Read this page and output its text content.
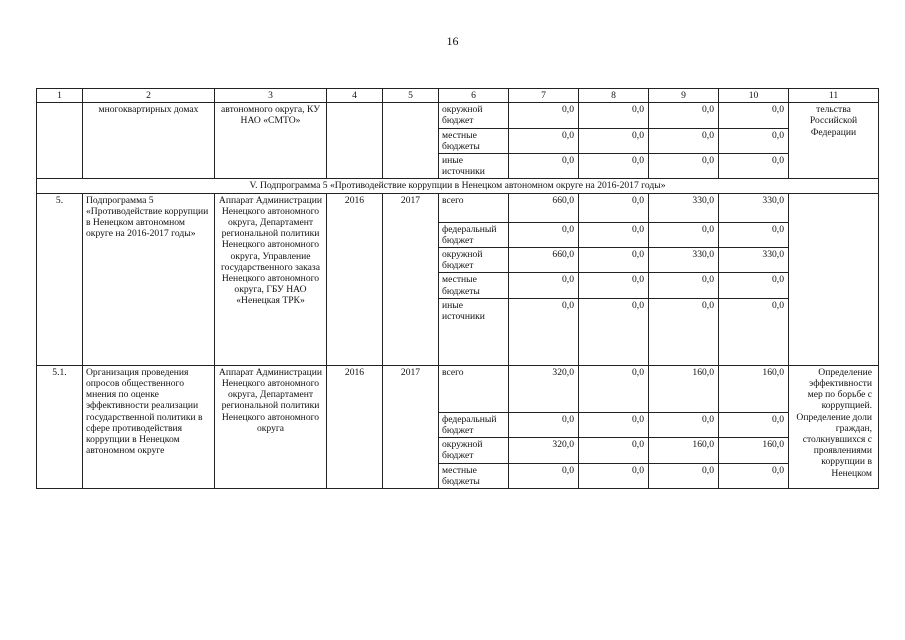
16
1	2	3	4	5	6	7	8	9	10	11
	многоквартирных домах	автономного округа, КУ НАО «СМТО»			окружной бюджет	0,0	0,0	0,0	0,0	тельства Российской Федерации
					местные бюджеты	0,0	0,0	0,0	0,0	
					иные источники	0,0	0,0	0,0	0,0	
V. Подпрограмма 5 «Противодействие коррупции в Ненецком автономном округе на 2016-2017 годы»										
5.	Подпрограмма 5 «Противодействие коррупции в Ненецком автономном округе на 2016-2017 годы»	Аппарат Администрации Ненецкого автономного округа, Департамент региональной политики Ненецкого автономного округа, Управление государственного заказа Ненецкого автономного округа, ГБУ НАО «Ненецкая ТРК»	2016	2017	всего	660,0	0,0	330,0	330,0	
					федеральный бюджет	0,0	0,0	0,0	0,0	
					окружной бюджет	660,0	0,0	330,0	330,0	
					местные бюджеты	0,0	0,0	0,0	0,0	
					иные источники	0,0	0,0	0,0	0,0	
5.1.	Организация проведения опросов общественного мнения по оценке эффективности реализации государственной политики в сфере противодействия коррупции в Ненецком автономном округе	Аппарат Администрации Ненецкого автономного округа, Департамент региональной политики Ненецкого автономного округа	2016	2017	всего	320,0	0,0	160,0	160,0	Определение эффективности мер по борьбе с коррупцией. Определение доли граждан, столкнувшихся с проявлениями коррупции в Ненецком
					федеральный бюджет	0,0	0,0	0,0	0,0	
					окружной бюджет	320,0	0,0	160,0	160,0	
					местные бюджеты	0,0	0,0	0,0	0,0	
